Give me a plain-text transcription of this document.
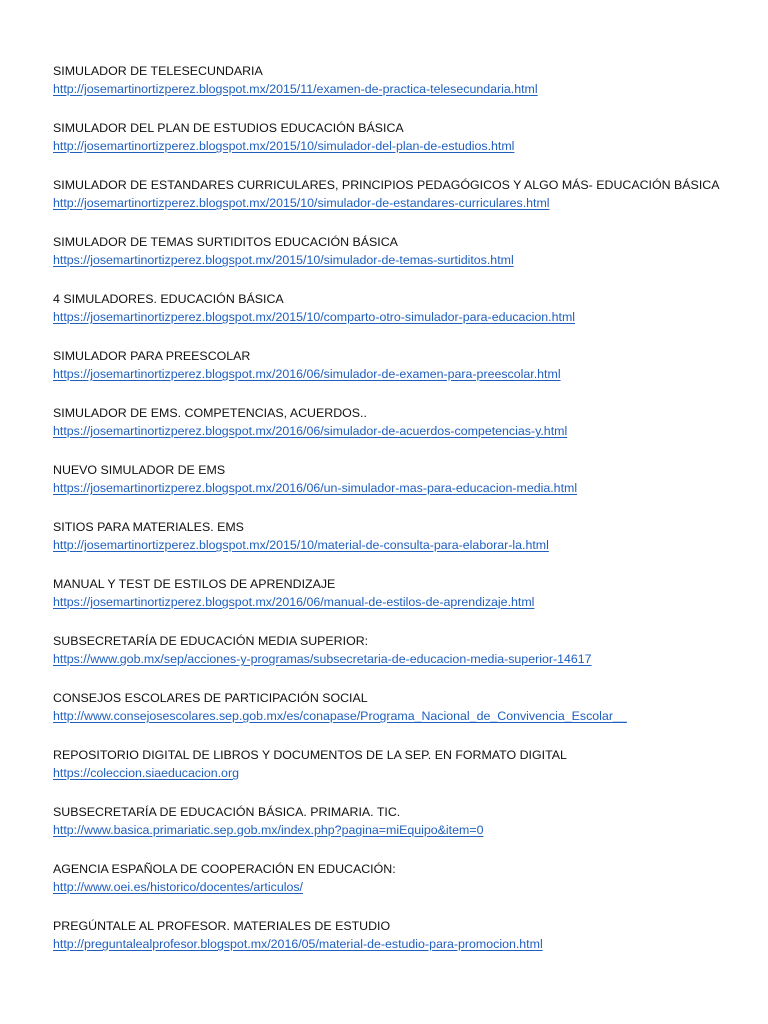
SIMULADOR DE TELESECUNDARIA
http://josemartinortizperez.blogspot.mx/2015/11/examen-de-practica-telesecundaria.html
SIMULADOR DEL PLAN DE ESTUDIOS EDUCACIÓN BÁSICA
http://josemartinortizperez.blogspot.mx/2015/10/simulador-del-plan-de-estudios.html
SIMULADOR DE ESTANDARES CURRICULARES, PRINCIPIOS PEDAGÓGICOS Y ALGO MÁS- EDUCACIÓN BÁSICA
http://josemartinortizperez.blogspot.mx/2015/10/simulador-de-estandares-curriculares.html
SIMULADOR DE TEMAS SURTIDITOS EDUCACIÓN BÁSICA
https://josemartinortizperez.blogspot.mx/2015/10/simulador-de-temas-surtiditos.html
4 SIMULADORES. EDUCACIÓN BÁSICA
https://josemartinortizperez.blogspot.mx/2015/10/comparto-otro-simulador-para-educacion.html
SIMULADOR PARA PREESCOLAR
https://josemartinortizperez.blogspot.mx/2016/06/simulador-de-examen-para-preescolar.html
SIMULADOR DE EMS. COMPETENCIAS, ACUERDOS..
https://josemartinortizperez.blogspot.mx/2016/06/simulador-de-acuerdos-competencias-y.html
NUEVO SIMULADOR DE EMS
https://josemartinortizperez.blogspot.mx/2016/06/un-simulador-mas-para-educacion-media.html
SITIOS PARA MATERIALES. EMS
http://josemartinortizperez.blogspot.mx/2015/10/material-de-consulta-para-elaborar-la.html
MANUAL Y TEST DE ESTILOS DE APRENDIZAJE
https://josemartinortizperez.blogspot.mx/2016/06/manual-de-estilos-de-aprendizaje.html
SUBSECRETARÍA DE EDUCACIÓN MEDIA SUPERIOR:
https://www.gob.mx/sep/acciones-y-programas/subsecretaria-de-educacion-media-superior-14617
CONSEJOS ESCOLARES DE PARTICIPACIÓN SOCIAL
http://www.consejosescolares.sep.gob.mx/es/conapase/Programa_Nacional_de_Convivencia_Escolar__
REPOSITORIO DIGITAL DE LIBROS Y DOCUMENTOS DE LA SEP. EN FORMATO DIGITAL
https://coleccion.siaeducacion.org
SUBSECRETARÍA DE EDUCACIÓN BÁSICA. PRIMARIA. TIC.
http://www.basica.primariatic.sep.gob.mx/index.php?pagina=miEquipo&item=0
AGENCIA ESPAÑOLA DE COOPERACIÓN EN EDUCACIÓN:
http://www.oei.es/historico/docentes/articulos/
PREGÚNTALE AL PROFESOR. MATERIALES DE ESTUDIO
http://preguntalealprofesor.blogspot.mx/2016/05/material-de-estudio-para-promocion.html
